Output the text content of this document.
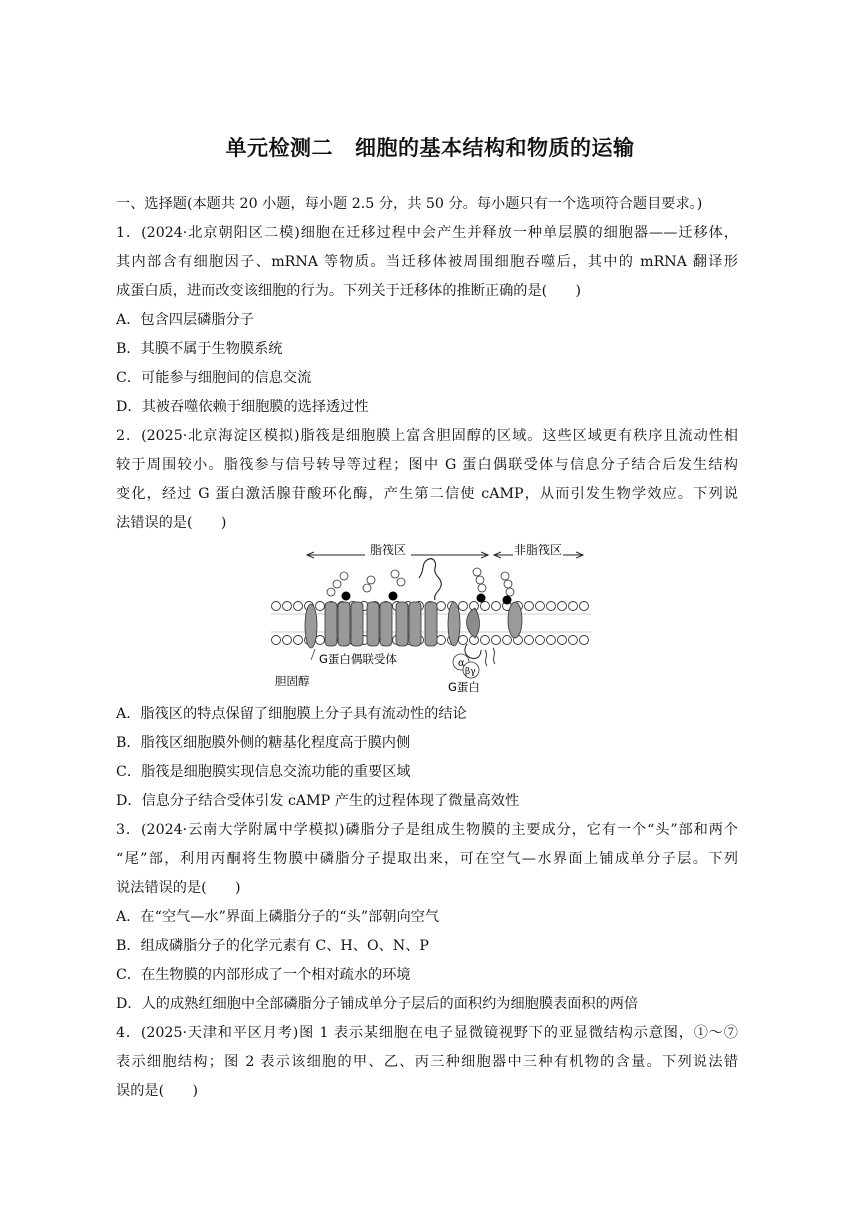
单元检测二 细胞的基本结构和物质的运输
一、选择题(本题共 20 小题，每小题 2.5 分，共 50 分。每小题只有一个选项符合题目要求。)
1．(2024·北京朝阳区二模)细胞在迁移过程中会产生并释放一种单层膜的细胞器——迁移体，
其内部含有细胞因子、mRNA 等物质。当迁移体被周围细胞吞噬后，其中的 mRNA 翻译形
成蛋白质，进而改变该细胞的行为。下列关于迁移体的推断正确的是(　　)
A．包含四层磷脂分子
B．其膜不属于生物膜系统
C．可能参与细胞间的信息交流
D．其被吞噬依赖于细胞膜的选择透过性
2．(2025·北京海淀区模拟)脂筏是细胞膜上富含胆固醇的区域。这些区域更有秩序且流动性相
较于周围较小。脂筏参与信号转导等过程；图中 G 蛋白偶联受体与信息分子结合后发生结构
变化，经过 G 蛋白激活腺苷酸环化酶，产生第二信使 cAMP，从而引发生物学效应。下列说
法错误的是(　　)
脂筏区	非脂筏区
α
βγ
G蛋白偶联受体
胆固醇	G蛋白
A．脂筏区的特点保留了细胞膜上分子具有流动性的结论
B．脂筏区细胞膜外侧的糖基化程度高于膜内侧
C．脂筏是细胞膜实现信息交流功能的重要区域
D．信息分子结合受体引发 cAMP 产生的过程体现了微量高效性
3．(2024·云南大学附属中学模拟)磷脂分子是组成生物膜的主要成分，它有一个“头”部和两个
“尾”部，利用丙酮将生物膜中磷脂分子提取出来，可在空气—水界面上铺成单分子层。下列
说法错误的是(　　)
A．在“空气—水”界面上磷脂分子的“头”部朝向空气
B．组成磷脂分子的化学元素有 C、H、O、N、P
C．在生物膜的内部形成了一个相对疏水的环境
D．人的成熟红细胞中全部磷脂分子铺成单分子层后的面积约为细胞膜表面积的两倍
4．(2025·天津和平区月考)图 1 表示某细胞在电子显微镜视野下的亚显微结构示意图，①～⑦
表示细胞结构；图 2 表示该细胞的甲、乙、丙三种细胞器中三种有机物的含量。下列说法错
误的是(　　)
